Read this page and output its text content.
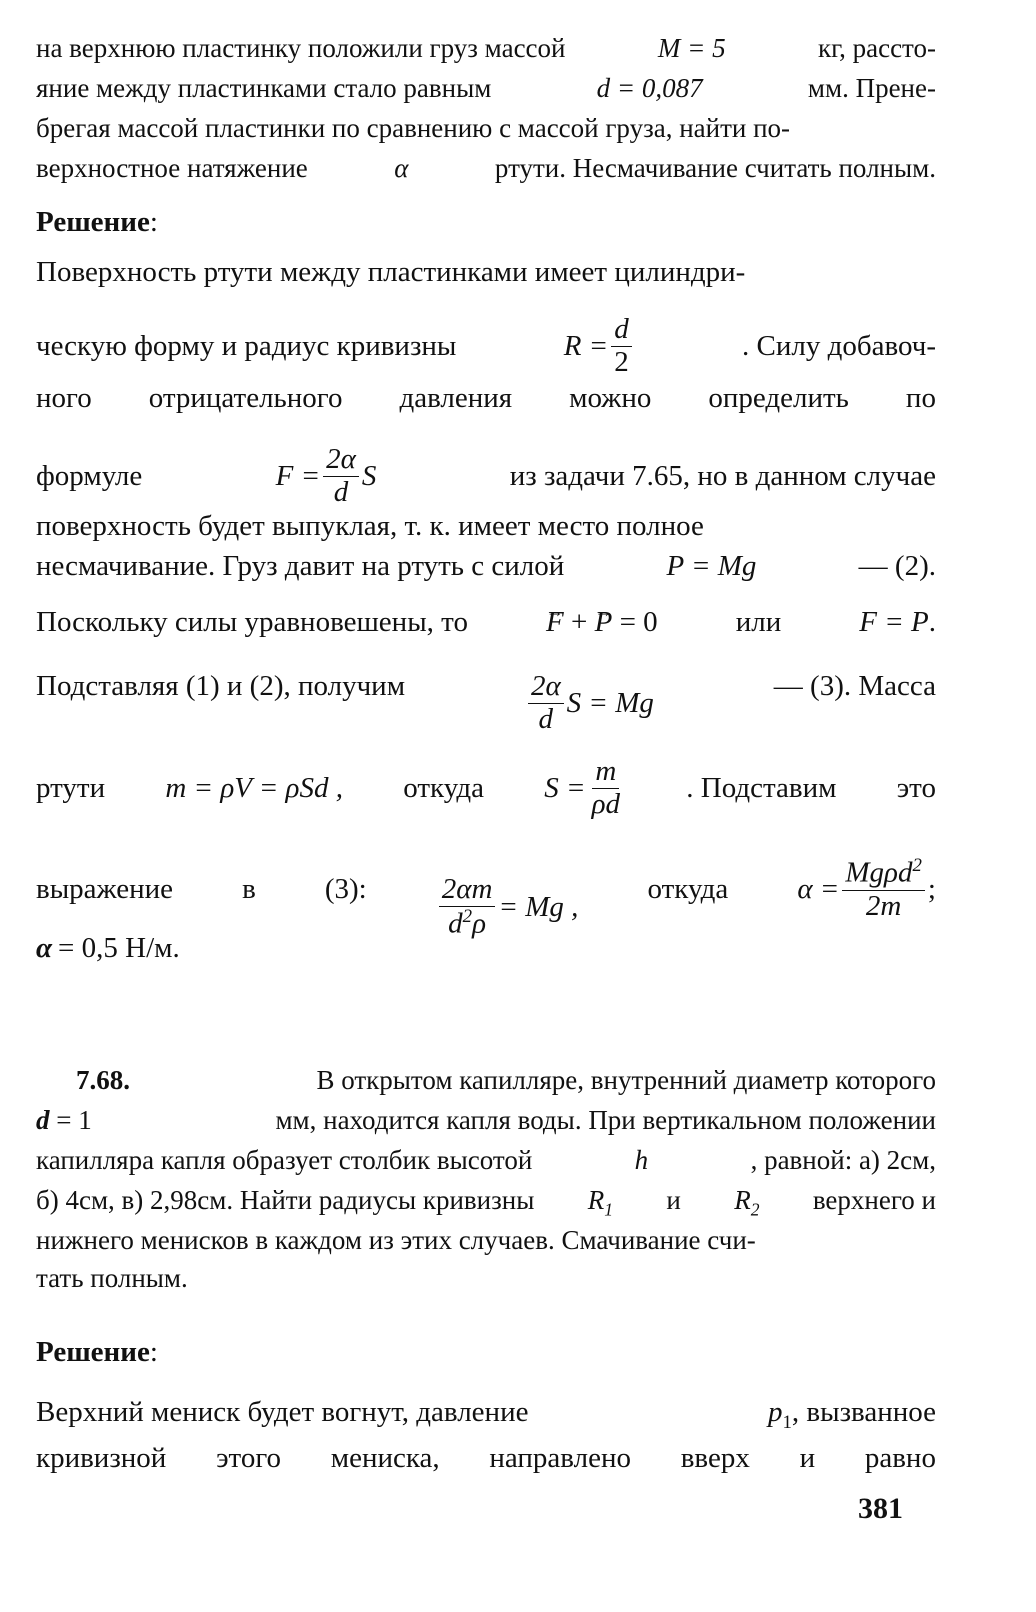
на верхнюю пластинку положили груз массой	M = 5	кг, рассто-
яние между пластинками стало равным	d = 0,087	мм. Прене-
брегая массой пластинки по сравнению с массой груза, найти по-
верхностное натяжение	α	ртути. Несмачивание считать полным.
Решение :
Поверхность ртути между пластинками имеет цилиндри-
ческую форму и радиус кривизны	$R = \frac{d}{2}$	. Силу добавоч-
ного отрицательного давления можно определить по
формуле	$F = \frac{2\alpha}{d}$ S	из задачи 7.65, но в данном случае
поверхность будет выпуклая, т. к. имеет место полное
несмачивание. Груз давит на ртуть с силой	P = Mg	— (2).
Поскольку силы уравновешены, то
→	F + → P = 0	или	F = P.
Подставляя (1) и (2), получим	$\frac{2\alpha}{d}$ S = Mg
— (3). Масса
ртути m = ρV = ρSd , откуда $S = \frac{m}{\rho d}$ . Подставим это
выражение в (3): $\frac{2\alpha m}{d^2\rho} = Mg$ ,
откуда $\alpha = \frac{Mg\rho d^2}{2m}$ ;
α = 0,5 Н/м.
7.68.	В открытом капилляре, внутренний диаметр которого
d = 1	мм, находится капля воды. При вертикальном положении
капилляра капля образует столбик высотой	h	, равной: а) 2см,
б) 4см, в) 2,98см. Найти радиусы кривизны $R_1$ и $R_2$ верхнего и
нижнего менисков в каждом из этих случаев. Смачивание счи-
тать полным.
Решение :
Верхний мениск будет вогнут, давление	$p_1$, вызванное
кривизной этого мениска, направлено вверх и равно
381
